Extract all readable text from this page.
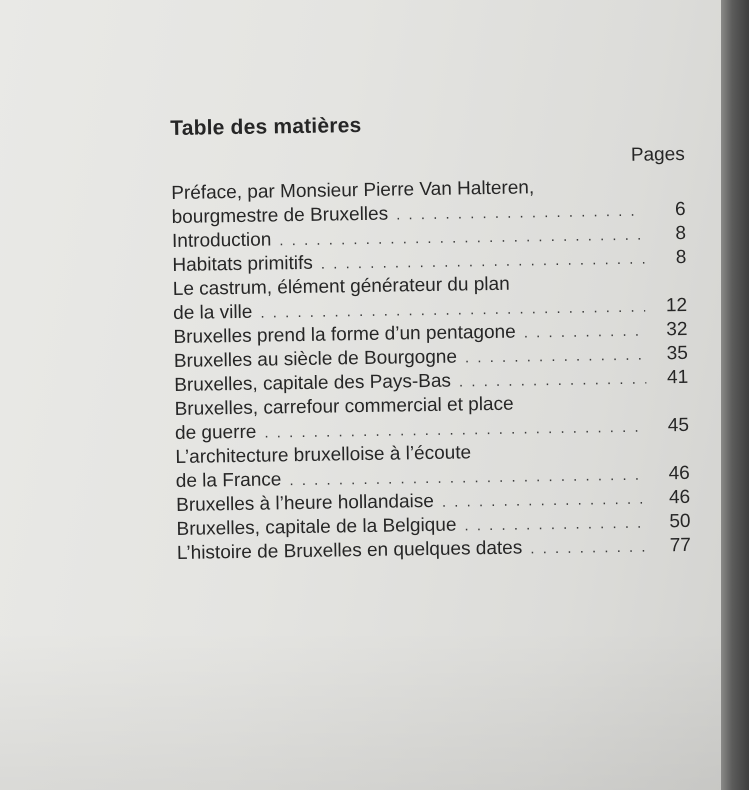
Table des matières
Pages
Préface, par Monsieur Pierre Van Halteren,
bourgmestre de Bruxelles . . .	6
Introduction . . .	8
Habitats primitifs . . .	8
Le castrum, élément générateur du plan
de la ville . . .	12
Bruxelles prend la forme d’un pentagone . . .	32
Bruxelles au siècle de Bourgogne . . .	35
Bruxelles, capitale des Pays-Bas . . .	41
Bruxelles, carrefour commercial et place
de guerre . . .	45
L’architecture bruxelloise à l’écoute
de la France . . .	46
Bruxelles à l’heure hollandaise . . .	46
Bruxelles, capitale de la Belgique . . .	50
L’histoire de Bruxelles en quelques dates . . .	77
